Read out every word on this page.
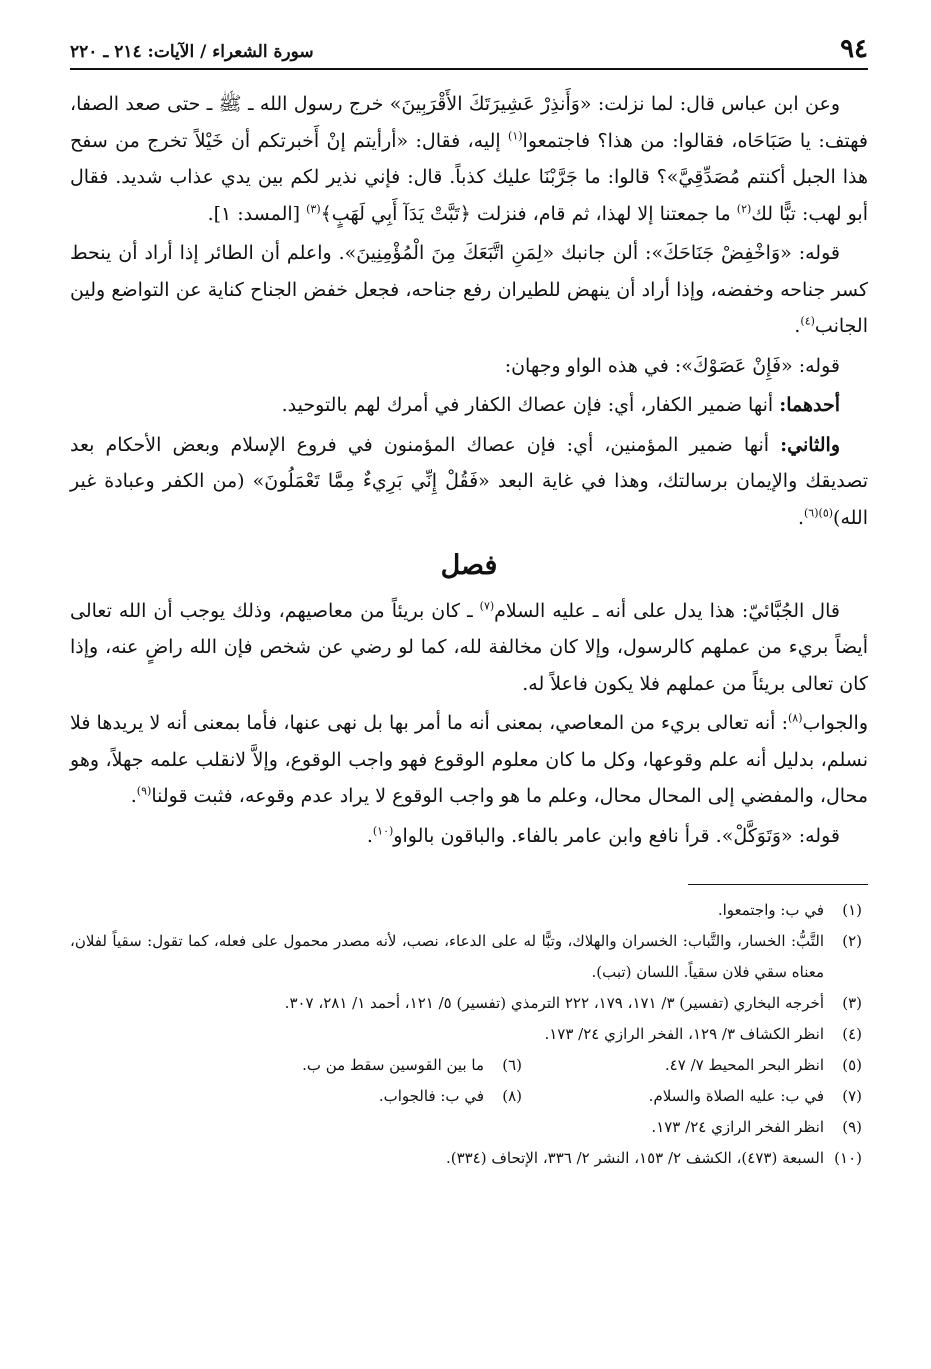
٩٤
سورة الشعراء / الآيات: ٢١٤ ـ ٢٢٠

وعن ابن عباس قال: لما نزلت: «وَأَنذِرْ عَشِيرَتَكَ الأَقْرَبِينَ» خرج رسول الله ـ ﷺ ـ حتى صعد الصفا، فهتف: يا صَبَاحَاه، فقالوا: من هذا؟ فاجتمعوا$^{(١)}$ إليه، فقال: «أرأيتم إنْ أَخبرتكم أن خَيْلاً تخرج من سفح هذا الجبل أكنتم مُصَدِّقِيَّ»؟ قالوا: ما جَرَّبْنَا عليك كذباً. قال: فإني نذير لكم بين يدي عذاب شديد. فقال أبو لهب: تبًّا لك$^{(٢)}$ ما جمعتنا إلا لهذا، ثم قام، فنزلت ﴿تَبَّتْ يَدَآ أَبِي لَهَبٍ﴾$^{(٣)}$ [المسد: ١].

قوله: «وَاخْفِضْ جَنَاحَكَ»: ألن جانبك «لِمَنِ اتَّبَعَكَ مِنَ الْمُؤْمِنِينَ». واعلم أن الطائر إذا أراد أن ينحط كسر جناحه وخفضه، وإذا أراد أن ينهض للطيران رفع جناحه، فجعل خفض الجناح كناية عن التواضع ولين الجانب$^{(٤)}$.

قوله: «فَإِنْ عَصَوْكَ»: في هذه الواو وجهان:

أحدهما: أنها ضمير الكفار، أي: فإن عصاك الكفار في أمرك لهم بالتوحيد.

والثاني: أنها ضمير المؤمنين، أي: فإن عصاك المؤمنون في فروع الإسلام وبعض الأحكام بعد تصديقك والإيمان برسالتك، وهذا في غاية البعد «فَقُلْ إِنِّي بَرِيءٌ مِمَّا تَعْمَلُونَ» (من الكفر وعبادة غير الله)$^{(٥)(٦)}$.

فصل

قال الجُبَّائيّ: هذا يدل على أنه ـ عليه السلام$^{(٧)}$ ـ كان بريئاً من معاصيهم، وذلك يوجب أن الله تعالى أيضاً بريء من عملهم كالرسول، وإلا كان مخالفة لله، كما لو رضي عن شخص فإن الله راضٍ عنه، وإذا كان تعالى بريئاً من عملهم فلا يكون فاعلاً له.

والجواب$^{(٨)}$: أنه تعالى بريء من المعاصي، بمعنى أنه ما أمر بها بل نهى عنها، فأما بمعنى أنه لا يريدها فلا نسلم، بدليل أنه علم وقوعها، وكل ما كان معلوم الوقوع فهو واجب الوقوع، وإلاَّ لانقلب علمه جهلاً، وهو محال، والمفضي إلى المحال محال، وعلم ما هو واجب الوقوع لا يراد عدم وقوعه، فثبت قولنا$^{(٩)}$.

قوله: «وَتَوَكَّلْ». قرأ نافع وابن عامر بالفاء. والباقون بالواو$^{(١٠)}$.

(١)
في ب: واجتمعوا.
(٢)
التَّبُّ: الخسار، والتَّباب: الخسران والهلاك، وتبًّا له على الدعاء، نصب، لأنه مصدر محمول على فعله، كما تقول: سقياً لفلان، معناه سقي فلان سقياً. اللسان (تبب).
(٣)
أخرجه البخاري (تفسير) ٣/ ١٧١، ١٧٩، ٢٢٢ الترمذي (تفسير) ٥/ ١٢١، أحمد ١/ ٢٨١، ٣٠٧.
(٤)
انظر الكشاف ٣/ ١٢٩، الفخر الرازي ٢٤/ ١٧٣.
(٥)
انظر البحر المحيط ٧/ ٤٧.
(٦)
ما بين القوسين سقط من ب.
(٧)
في ب: عليه الصلاة والسلام.
(٨)
في ب: فالجواب.
(٩)
انظر الفخر الرازي ٢٤/ ١٧٣.
(١٠)
السبعة (٤٧٣)، الكشف ٢/ ١٥٣، النشر ٢/ ٣٣٦، الإتحاف (٣٣٤).
